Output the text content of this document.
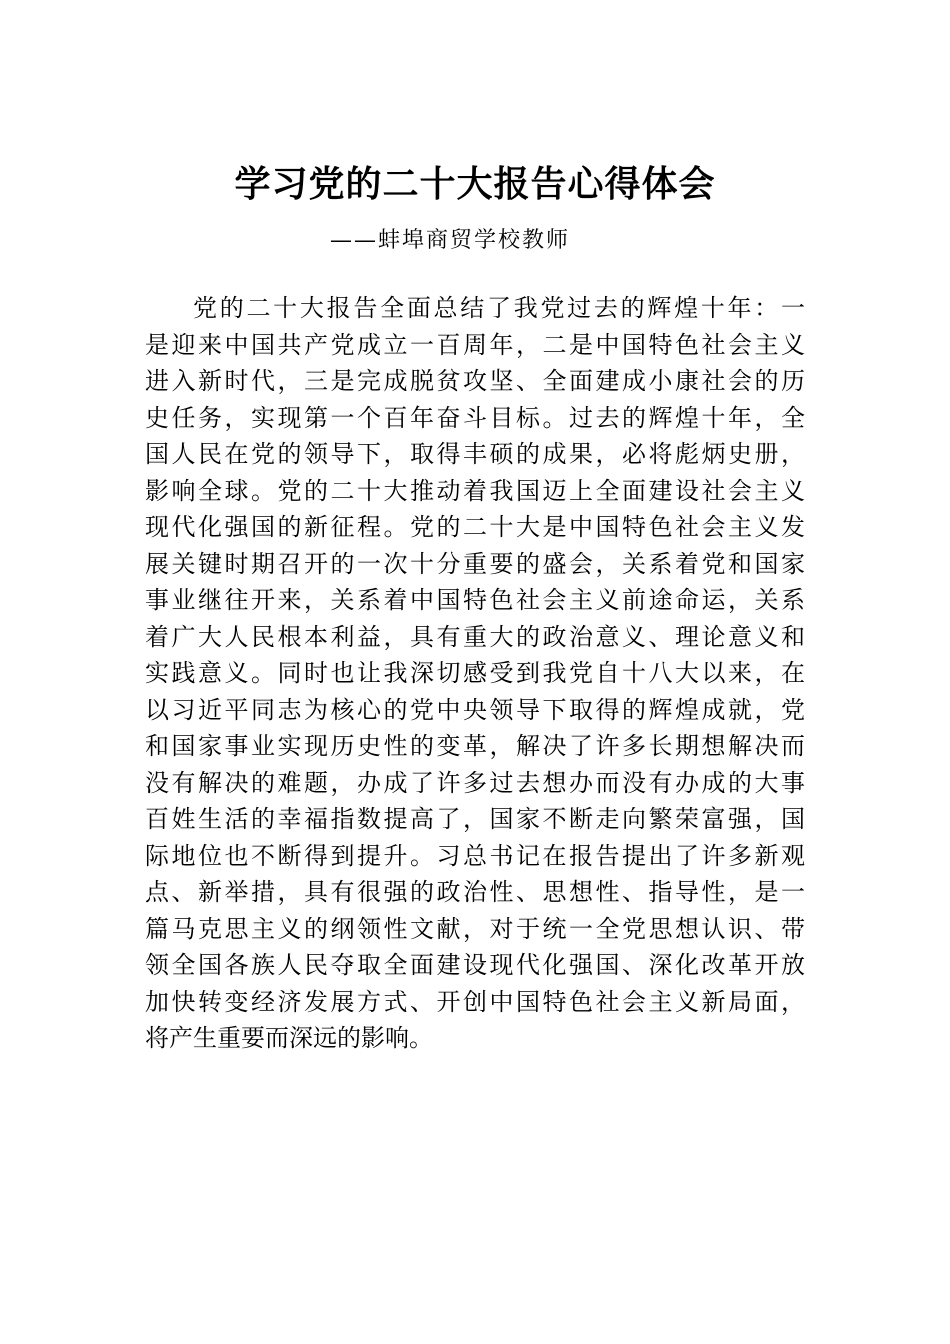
学习党的二十大报告心得体会
——蚌埠商贸学校教师
党的二十大报告全面总结了我党过去的辉煌十年：一
是迎来中国共产党成立一百周年，二是中国特色社会主义
进入新时代，三是完成脱贫攻坚、全面建成小康社会的历
史任务，实现第一个百年奋斗目标。过去的辉煌十年，全
国人民在党的领导下，取得丰硕的成果，必将彪炳史册，
影响全球。党的二十大推动着我国迈上全面建设社会主义
现代化强国的新征程。党的二十大是中国特色社会主义发
展关键时期召开的一次十分重要的盛会，关系着党和国家
事业继往开来，关系着中国特色社会主义前途命运，关系
着广大人民根本利益，具有重大的政治意义、理论意义和
实践意义。同时也让我深切感受到我党自十八大以来，在
以习近平同志为核心的党中央领导下取得的辉煌成就，党
和国家事业实现历史性的变革，解决了许多长期想解决而
没有解决的难题，办成了许多过去想办而没有办成的大事
百姓生活的幸福指数提高了，国家不断走向繁荣富强，国
际地位也不断得到提升。习总书记在报告提出了许多新观
点、新举措，具有很强的政治性、思想性、指导性，是一
篇马克思主义的纲领性文献，对于统一全党思想认识、带
领全国各族人民夺取全面建设现代化强国、深化改革开放
加快转变经济发展方式、开创中国特色社会主义新局面，
将产生重要而深远的影响。
